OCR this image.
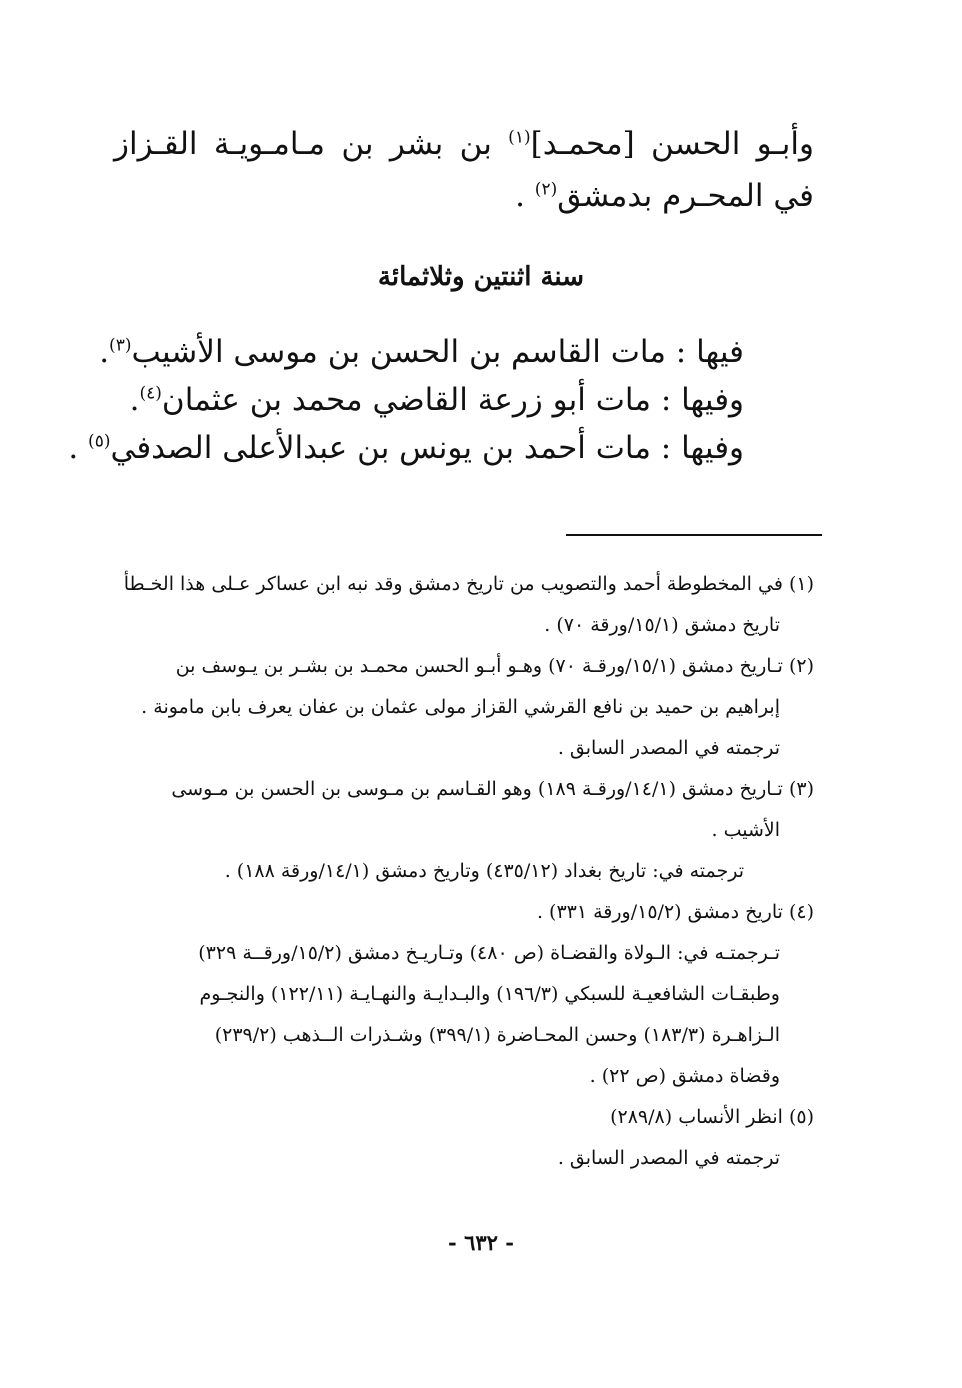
وأبـو الحسن [محمـد]$^{(١)}$ بن بشر بن مـامـويـة القـزاز في المحـرم بدمشق$^{(٢)}$ .
سنة اثنتين وثلاثمائة
فيها : مات القاسم بن الحسن بن موسى الأشيب$^{(٣)}$.
وفيها : مات أبو زرعة القاضي محمد بن عثمان$^{(٤)}$.
وفيها : مات أحمد بن يونس بن عبدالأعلى الصدفي$^{(٥)}$ .
(١) في المخطوطة أحمد والتصويب من تاريخ دمشق وقد نبه ابن عساكر عـلى هذا الخـطأ
تاريخ دمشق (١٥/١/ورقة ٧٠) .
(٢) تـاريخ دمشق (١٥/١/ورقـة ٧٠) وهـو أبـو الحسن محمـد بن بشـر بن يـوسف بن
إبراهيم بن حميد بن نافع القرشي القزاز مولى عثمان بن عفان يعرف بابن مامونة .
ترجمته في المصدر السابق .
(٣) تـاريخ دمشق (١٤/١/ورقـة ١٨٩) وهو القـاسم بن مـوسى بن الحسن بن مـوسى
الأشيب .
ترجمته في: تاريخ بغداد (٤٣٥/١٢) وتاريخ دمشق (١٤/١/ورقة ١٨٨) .
(٤) تاريخ دمشق (١٥/٢/ورقة ٣٣١) .
تـرجمتـه في: الـولاة والقضـاة (ص ٤٨٠) وتـاريـخ دمشق (١٥/٢/ورقــة ٣٢٩)
وطبقـات الشافعيـة للسبكي (١٩٦/٣) والبـدايـة والنهـايـة (١٢٢/١١) والنجـوم
الـزاهـرة (١٨٣/٣) وحسن المحـاضرة (٣٩٩/١) وشـذرات الــذهب (٢٣٩/٢)
وقضاة دمشق (ص ٢٢) .
(٥) انظر الأنساب (٢٨٩/٨)
ترجمته في المصدر السابق .
- ٦٣٢ -
